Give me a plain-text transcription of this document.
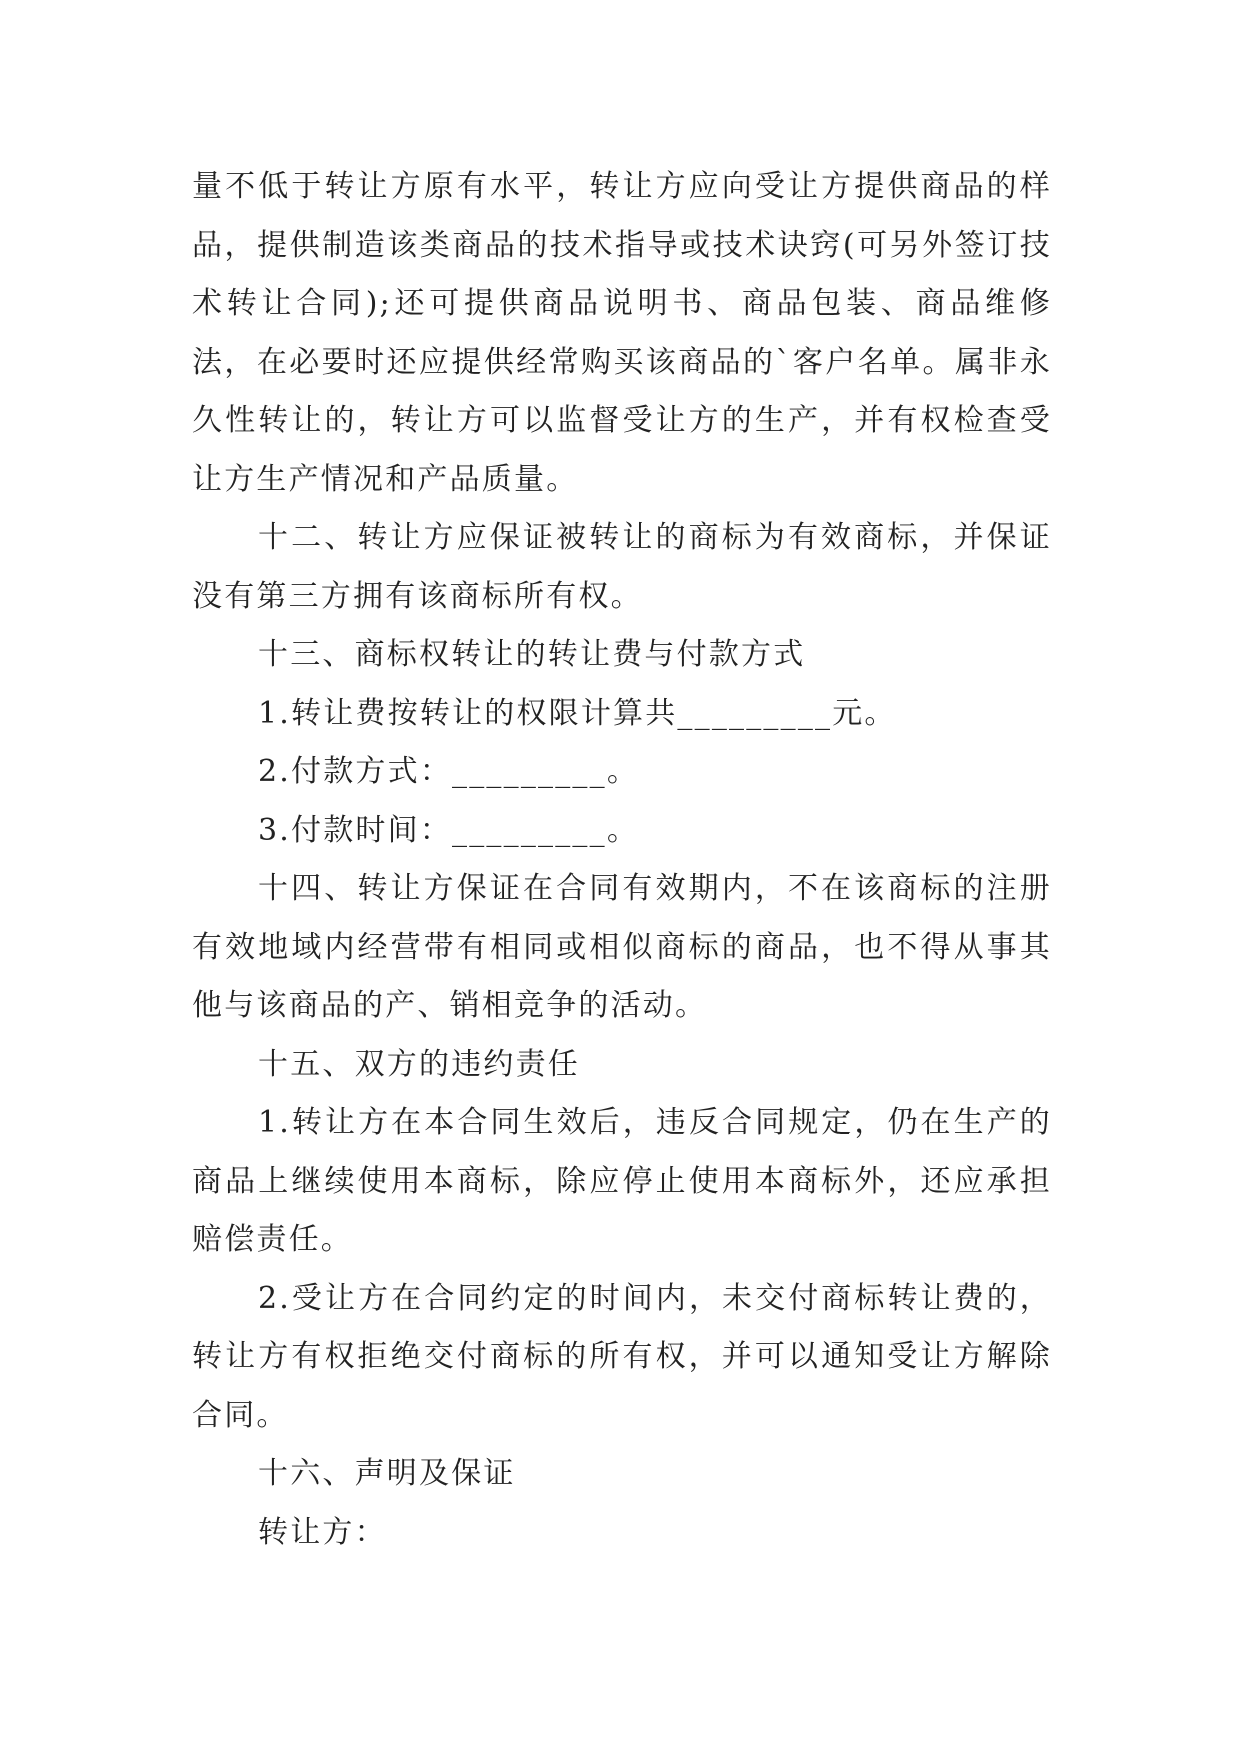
量不低于转让方原有水平，转让方应向受让方提供商品的样品，提供制造该类商品的技术指导或技术诀窍(可另外签订技术转让合同);还可提供商品说明书、商品包装、商品维修法，在必要时还应提供经常购买该商品的`客户名单。属非永久性转让的，转让方可以监督受让方的生产，并有权检查受让方生产情况和产品质量。

十二、转让方应保证被转让的商标为有效商标，并保证没有第三方拥有该商标所有权。

十三、商标权转让的转让费与付款方式

1.转让费按转让的权限计算共_________元。

2.付款方式：_________。

3.付款时间：_________。

十四、转让方保证在合同有效期内，不在该商标的注册有效地域内经营带有相同或相似商标的商品，也不得从事其他与该商品的产、销相竞争的活动。

十五、双方的违约责任

1.转让方在本合同生效后，违反合同规定，仍在生产的商品上继续使用本商标，除应停止使用本商标外，还应承担赔偿责任。

2.受让方在合同约定的时间内，未交付商标转让费的，转让方有权拒绝交付商标的所有权，并可以通知受让方解除合同。

十六、声明及保证

转让方：
